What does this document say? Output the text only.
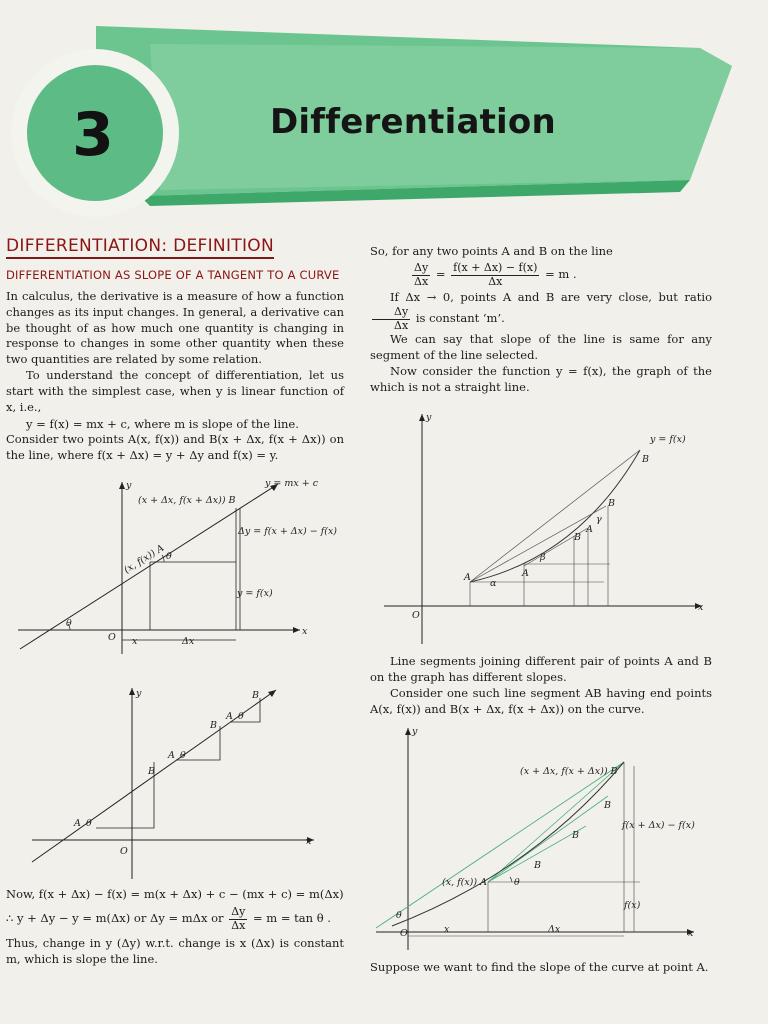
3	Differentiation
DIFFERENTIATION: DEFINITION
DIFFERENTIATION AS SLOPE OF A TANGENT TO A CURVE

In calculus, the derivative is a measure of how a function changes as its input changes. In general, a derivative can be thought of as how much one quantity is changing in response to changes in some other quantity when these two quantities are related by some relation.

To understand the concept of differentiation, let us start with the simplest case, when y is linear function of x, i.e.,

y = f(x) = mx + c, where m is slope of the line.

Consider two points A(x, f(x)) and B(x + Δx, f(x + Δx)) on the line, where f(x + Δx) = y + Δy and f(x) = y.

y
x
O
θ
θ
y = mx + c
(x + Δx, f(x + Δx)) B
(x, f(x)) A
Δy = f(x + Δx) − f(x)
y = f(x)
x	Δx
y
x
O
A θ
B
A θ
B
A θ
B

Now, f(x + Δx) − f(x) = m(x + Δx) + c − (mx + c) = m(Δx)

∴ y + Δy − y = m(Δx) or Δy = mΔx or $\frac{\Delta y}{\Delta x} = m = \tan \theta$ .

Thus, change in y (Δy) w.r.t. change is x (Δx) is constant m, which is slope the line.

So, for any two points A and B on the line

$\frac{\Delta y}{\Delta x} = \frac{f(x + \Delta x) - f(x)}{\Delta x} = m$ .

If Δx → 0, points A and B are very close, but ratio
$\frac{\Delta y}{\Delta x}$ is constant ‘m’.

We can say that slope of the line is same for any segment of the line selected.

Now consider the function y = f(x), the graph of the which is not a straight line.

y
x
O
y = f(x)
B
A
α
A
β
B
A
γ
B

Line segments joining different pair of points A and B on the graph has different slopes.

Consider one such line segment AB having end points A(x, f(x)) and B(x + Δx, f(x + Δx)) on the curve.

y
x
O
(x + Δx, f(x + Δx)) B
(x, f(x)) A
B
B
B
f(x + Δx) − f(x)
f(x)
x	Δx
θ
θ

Suppose we want to find the slope of the curve at point A.
